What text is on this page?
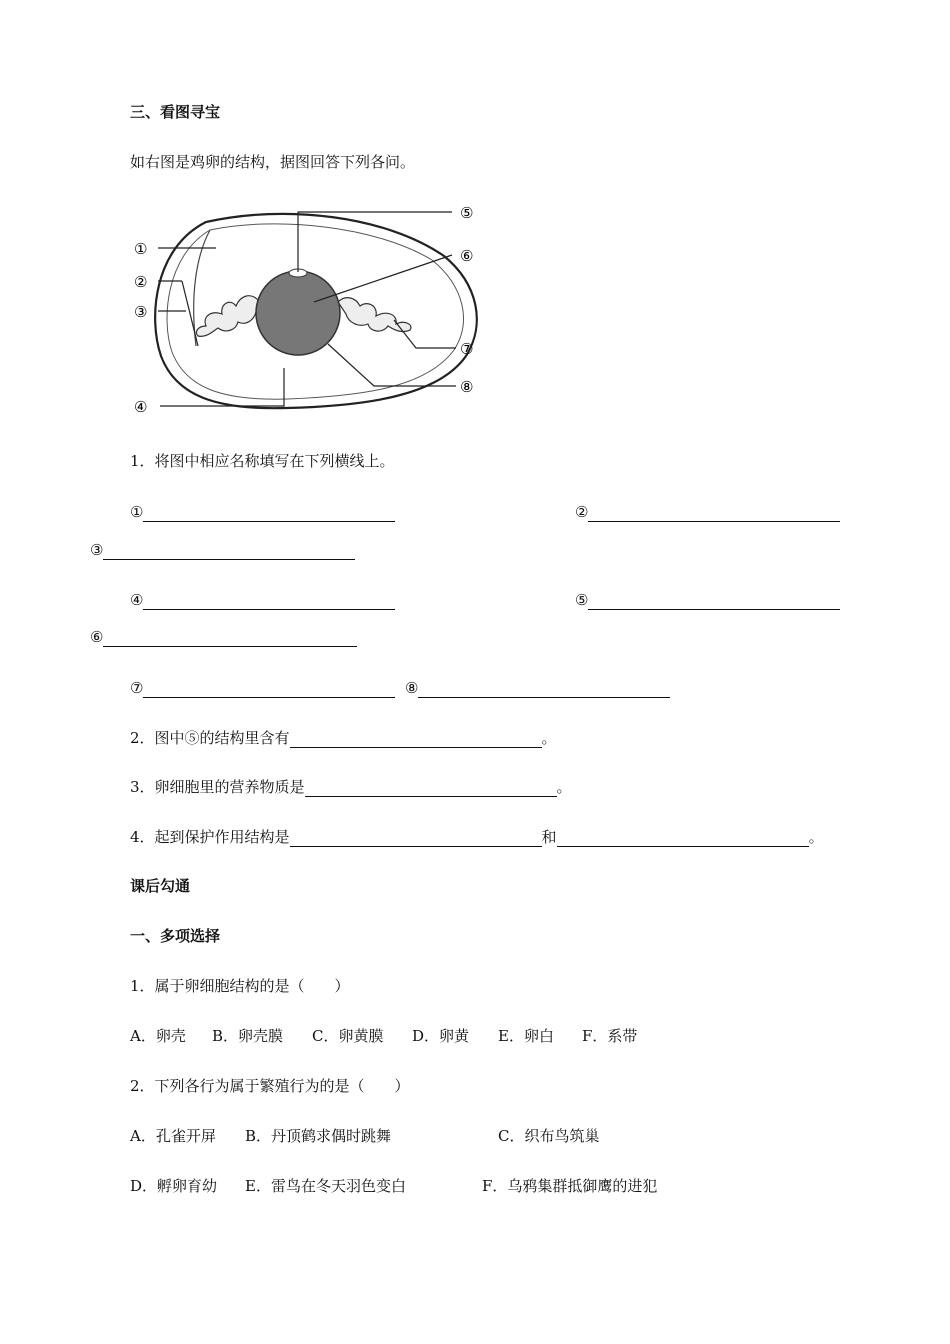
三、看图寻宝
如右图是鸡卵的结构，据图回答下列各问。
①
②
③
④
⑤
⑥
⑦
⑧
1．将图中相应名称填写在下列横线上。
①	②
③
④	⑤
⑥
⑦	⑧
2．图中⑤的结构里含有	。
3．卵细胞里的营养物质是	。
4．起到保护作用结构是	和	。
课后勾通
一、多项选择
1．属于卵细胞结构的是（　　）
A．卵壳 B．卵壳膜 C．卵黄膜 D．卵黄 E．卵白 F．系带
2．下列各行为属于繁殖行为的是（　　）
A．孔雀开屏 B．丹顶鹤求偶时跳舞	C．织布鸟筑巢
D．孵卵育幼 E．雷鸟在冬天羽色变白	F．乌鸦集群抵御鹰的进犯
